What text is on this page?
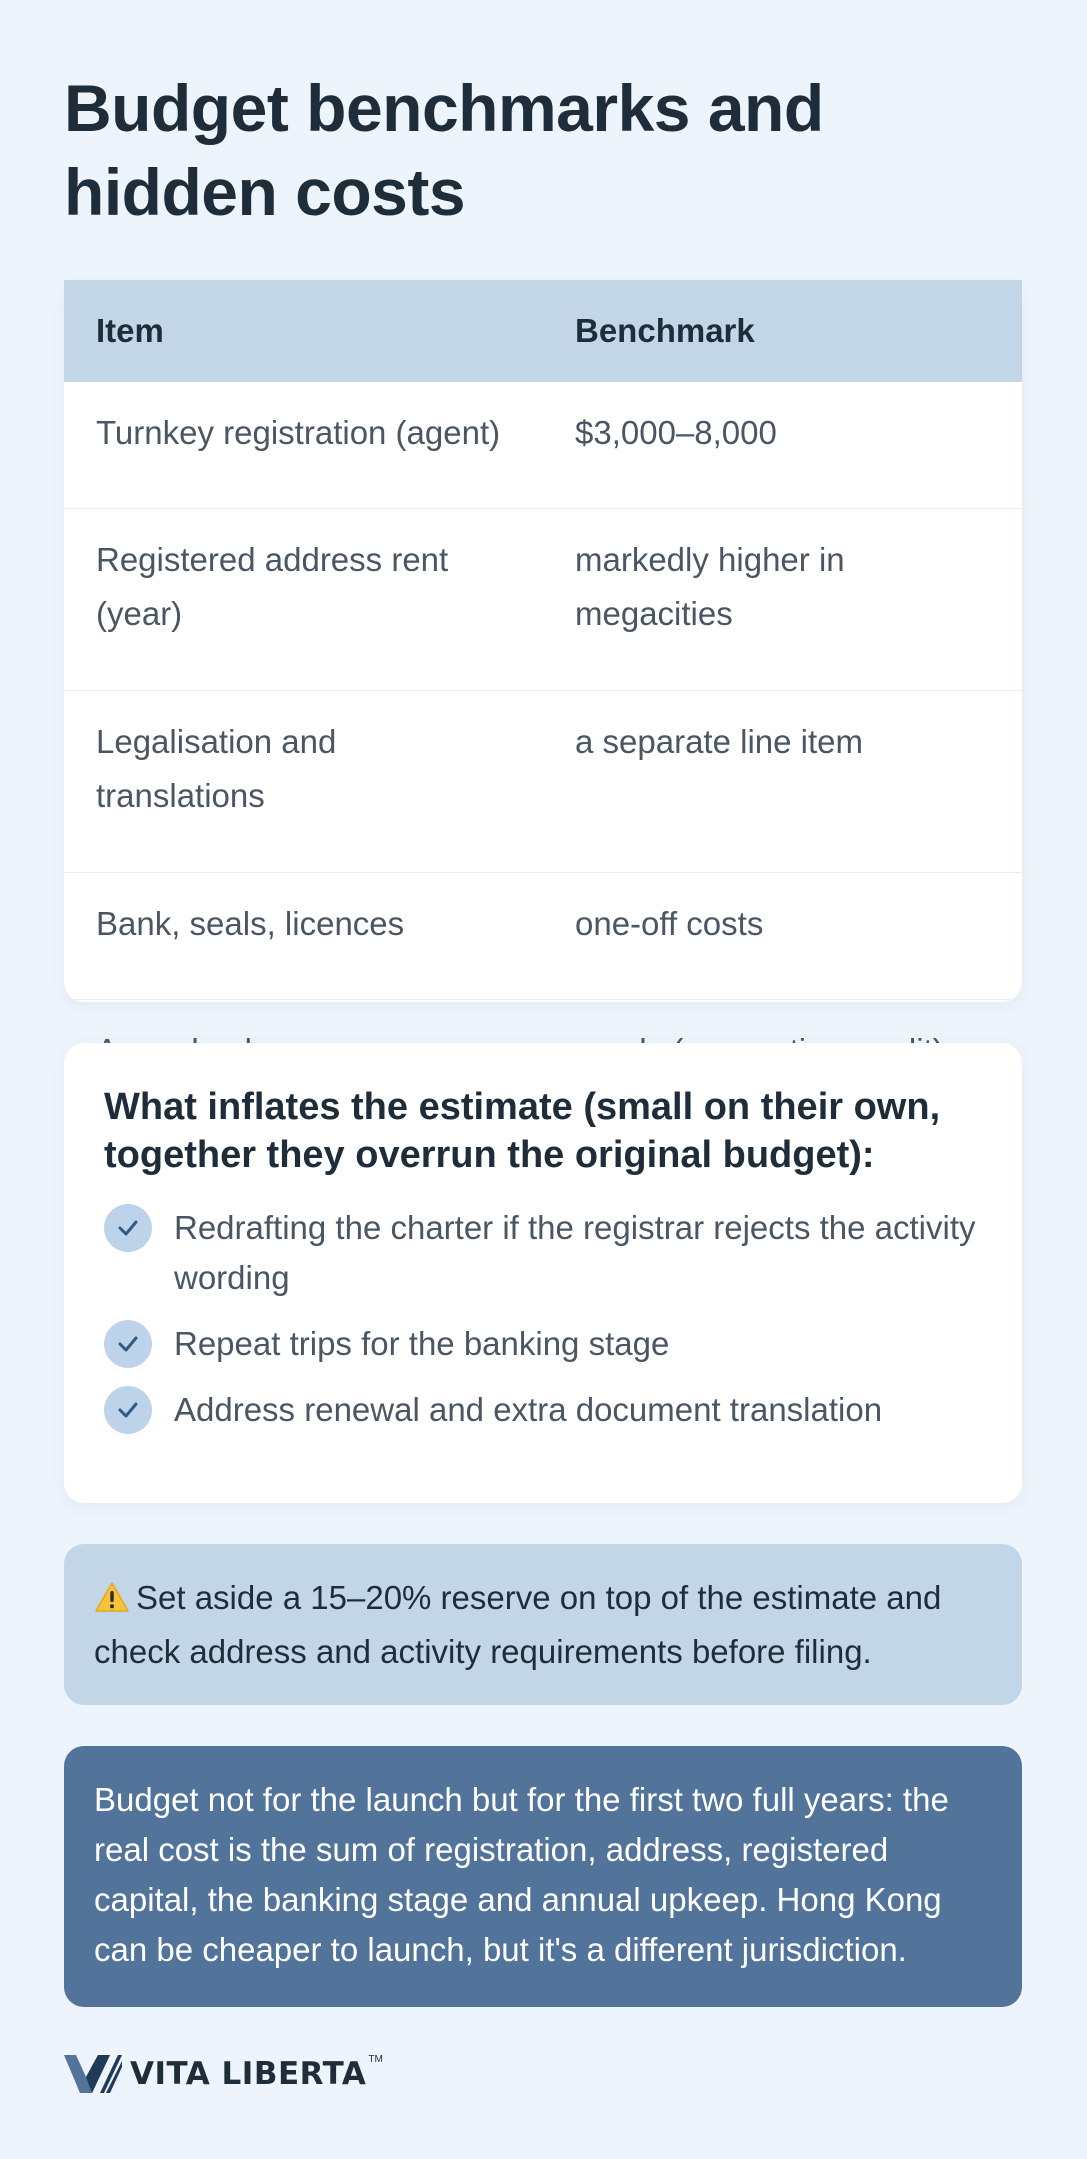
Budget benchmarks and hidden costs
Item	Benchmark
Turnkey registration (agent)	$3,000–8,000
Registered address rent (year)	markedly higher in megacities
Legalisation and translations	a separate line item
Bank, seals, licences	one-off costs

What inflates the estimate (small on their own, together they overrun the original budget):
Redrafting the charter if the registrar rejects the activity wording
Repeat trips for the banking stage
Address renewal and extra document translation

Set aside a 15–20% reserve on top of the estimate and check address and activity requirements before filing.

Budget not for the launch but for the first two full years: the real cost is the sum of registration, address, registered capital, the banking stage and annual upkeep. Hong Kong can be cheaper to launch, but it's a different jurisdiction.

VITA LIBERTA TM
